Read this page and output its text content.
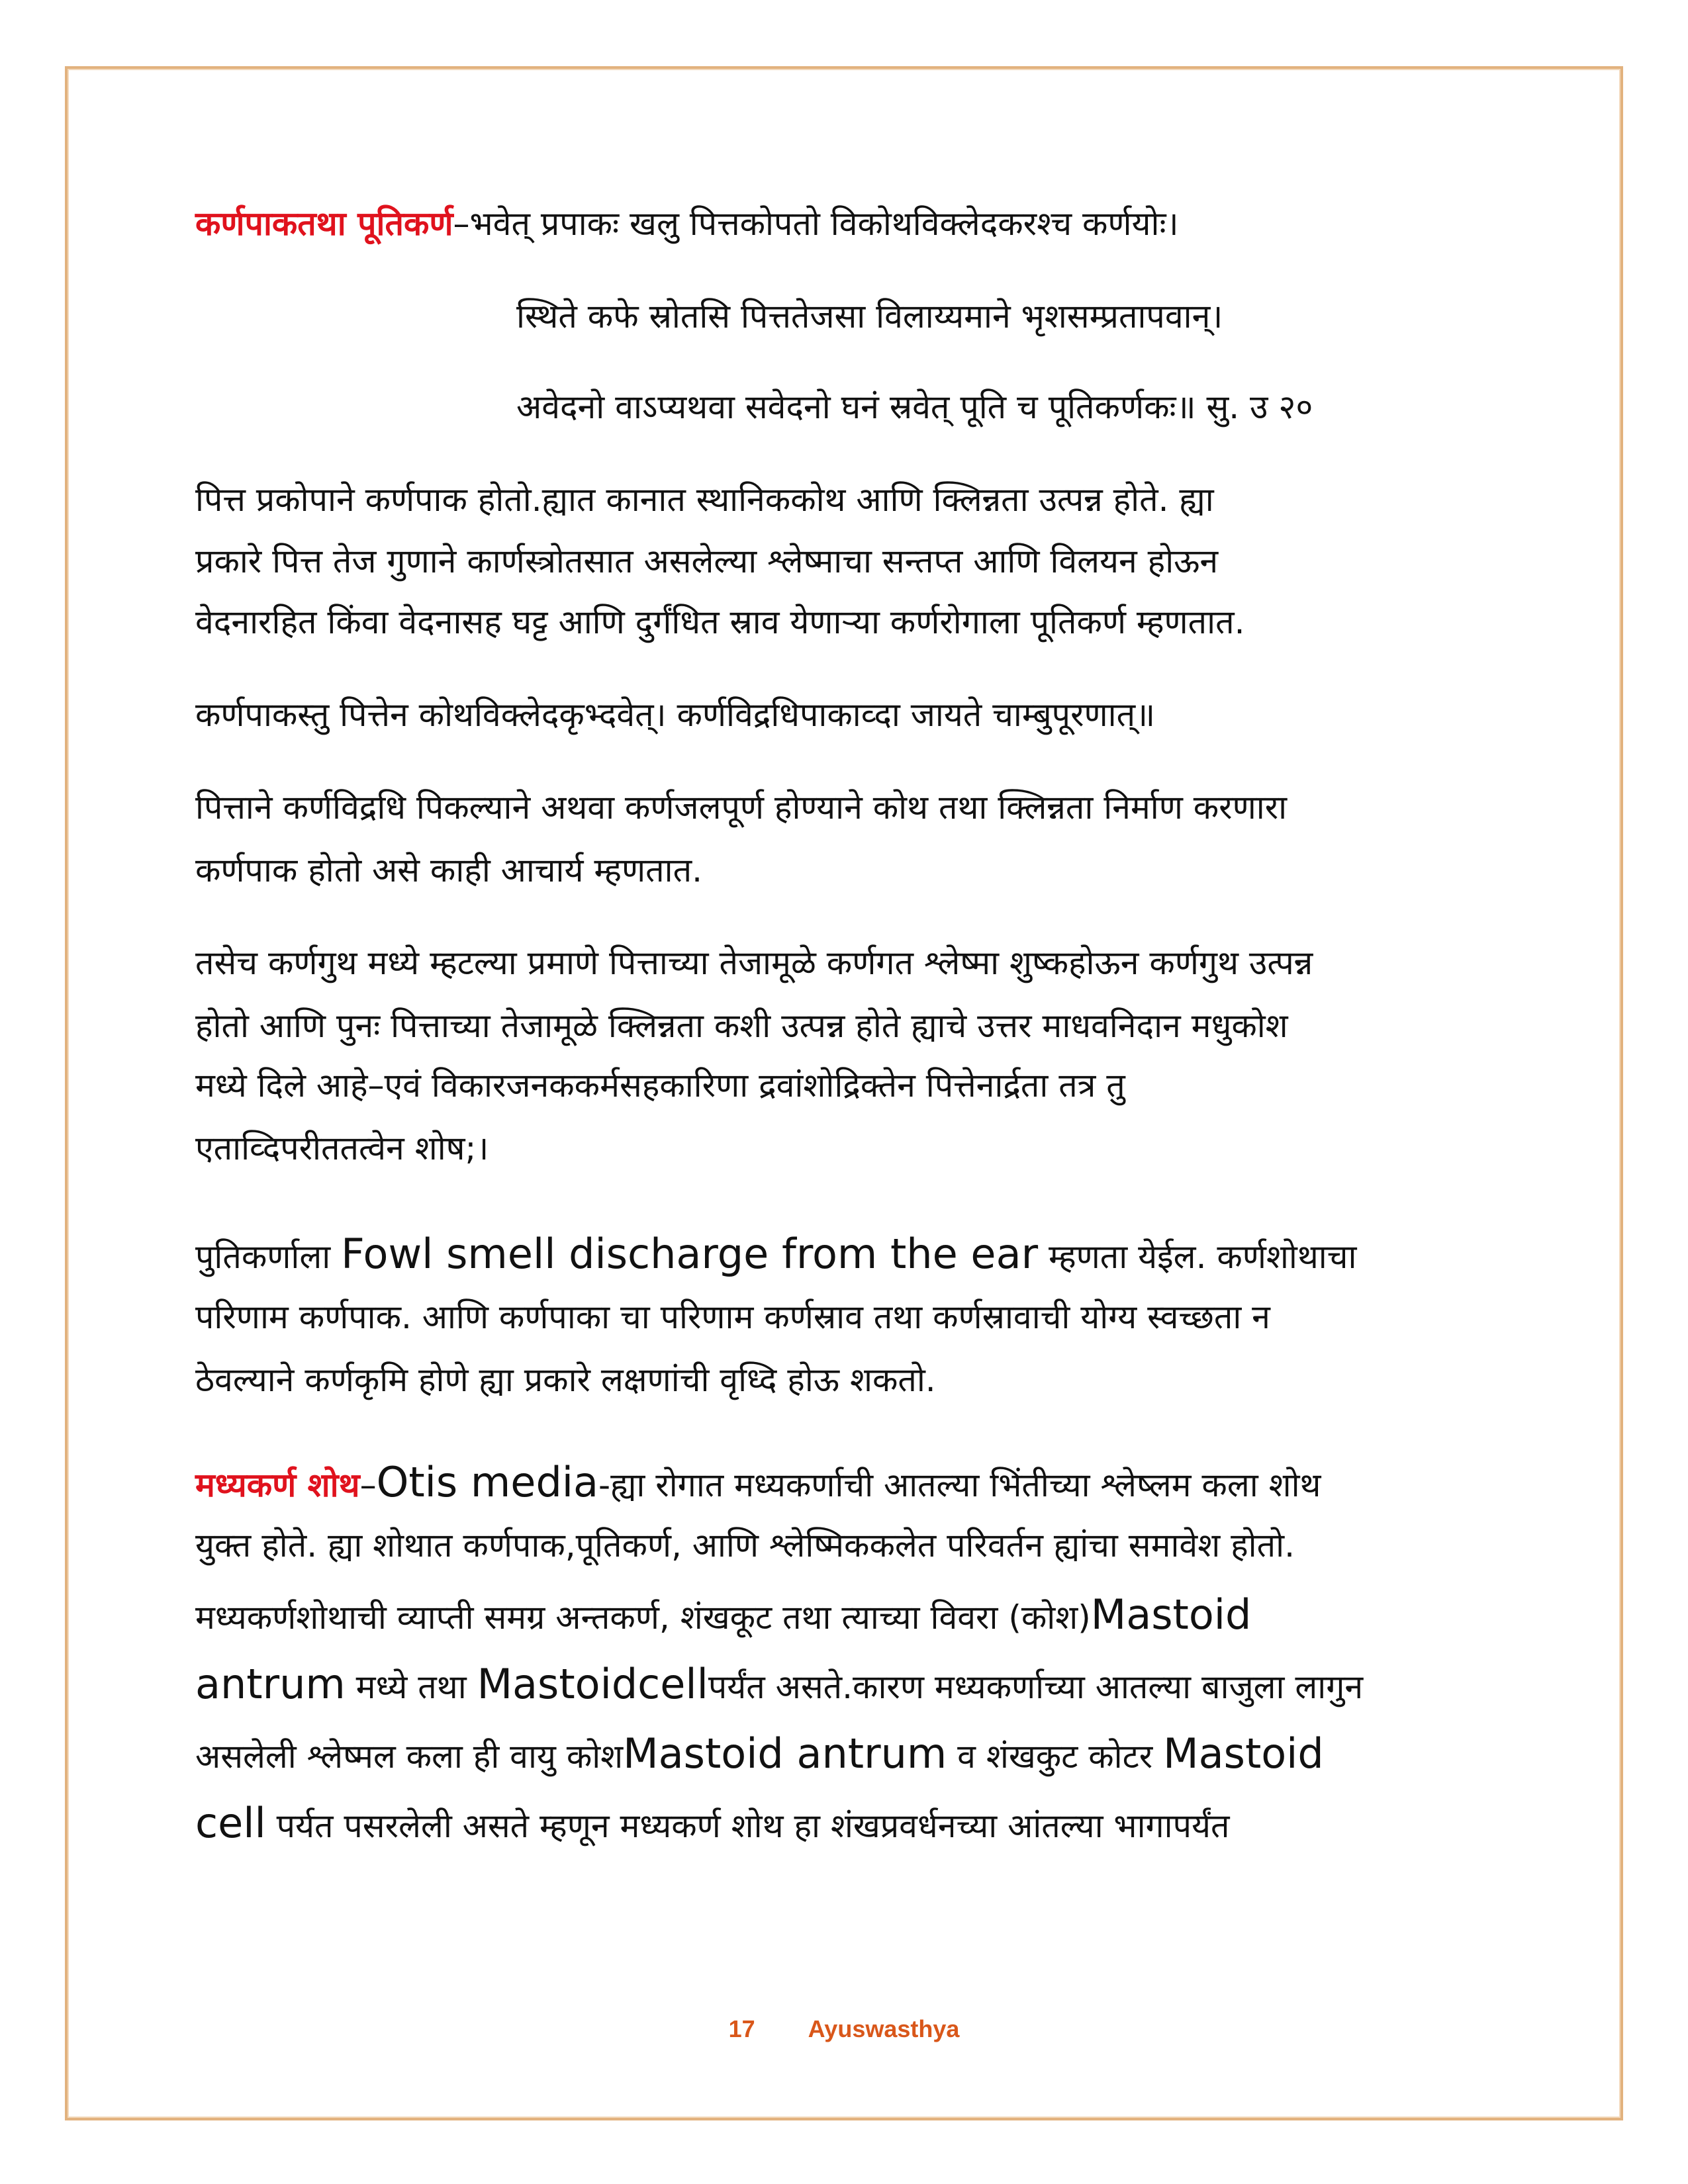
कर्णपाकतथा पूतिकर्ण–भवेत् प्रपाकः खलु पित्तकोपतो विकोथविक्लेदकरश्च कर्णयोः।
स्थिते कफे स्रोतसि पित्ततेजसा विलाय्यमाने भृशसम्प्रतापवान्।
अवेदनो वाऽप्यथवा सवेदनो घनं स्रवेत् पूति च पूतिकर्णकः॥ सु. उ २०
पित्त प्रकोपाने कर्णपाक होतो.ह्यात कानात स्थानिककोथ आणि क्लिन्नता उत्पन्न होते. ह्या
प्रकारे पित्त तेज गुणाने कार्णस्त्रोतसात असलेल्या श्लेष्माचा सन्तप्त आणि विलयन होऊन
वेदनारहित किंवा वेदनासह घट्ट आणि दुर्गंधित स्राव येणाऱ्या कर्णरोगाला पूतिकर्ण म्हणतात.
कर्णपाकस्तु पित्तेन कोथविक्लेदकृभ्दवेत्। कर्णविद्रधिपाकाव्दा जायते चाम्बुपूरणात्॥
पित्ताने कर्णविद्रधि पिकल्याने अथवा कर्णजलपूर्ण होण्याने कोथ तथा क्लिन्नता निर्माण करणारा
कर्णपाक होतो असे काही आचार्य म्हणतात.
तसेच कर्णगुथ मध्ये म्हटल्या प्रमाणे पित्ताच्या तेजामूळे कर्णगत श्लेष्मा शुष्कहोऊन कर्णगुथ उत्पन्न
होतो आणि पुनः पित्ताच्या तेजामूळे क्लिन्नता कशी उत्पन्न होते ह्याचे उत्तर माधवनिदान मधुकोश
मध्ये दिले आहे–एवं विकारजनककर्मसहकारिणा द्रवांशोद्रिक्तेन पित्तेनार्द्रता तत्र तु
एताव्दिपरीततत्वेन शोष;।
पुतिकर्णाला Fowl smell discharge from the ear म्हणता येईल. कर्णशोथाचा
परिणाम कर्णपाक. आणि कर्णपाका चा परिणाम कर्णस्राव तथा कर्णस्रावाची योग्य स्वच्छता न
ठेवल्याने कर्णकृमि होणे ह्या प्रकारे लक्षणांची वृध्दि होऊ शकतो.
मध्यकर्ण शोथ–Otis media-ह्या रोगात मध्यकर्णाची आतल्या भिंतीच्या श्लेष्लम कला शोथ
युक्त होते. ह्या शोथात कर्णपाक,पूतिकर्ण, आणि श्लेष्मिककलेत परिवर्तन ह्यांचा समावेश होतो.
मध्यकर्णशोथाची व्याप्ती समग्र अन्तकर्ण, शंखकूट तथा त्याच्या विवरा (कोश)Mastoid
antrum मध्ये तथा Mastoidcellपर्यंत असते.कारण मध्यकर्णाच्या आतल्या बाजुला लागुन
असलेली श्लेष्मल कला ही वायु कोशMastoid antrum व शंखकुट कोटर Mastoid
cell पर्यत पसरलेली असते म्हणून मध्यकर्ण शोथ हा शंखप्रवर्धनच्या आंतल्या भागापर्यंत
17 Ayuswasthya
